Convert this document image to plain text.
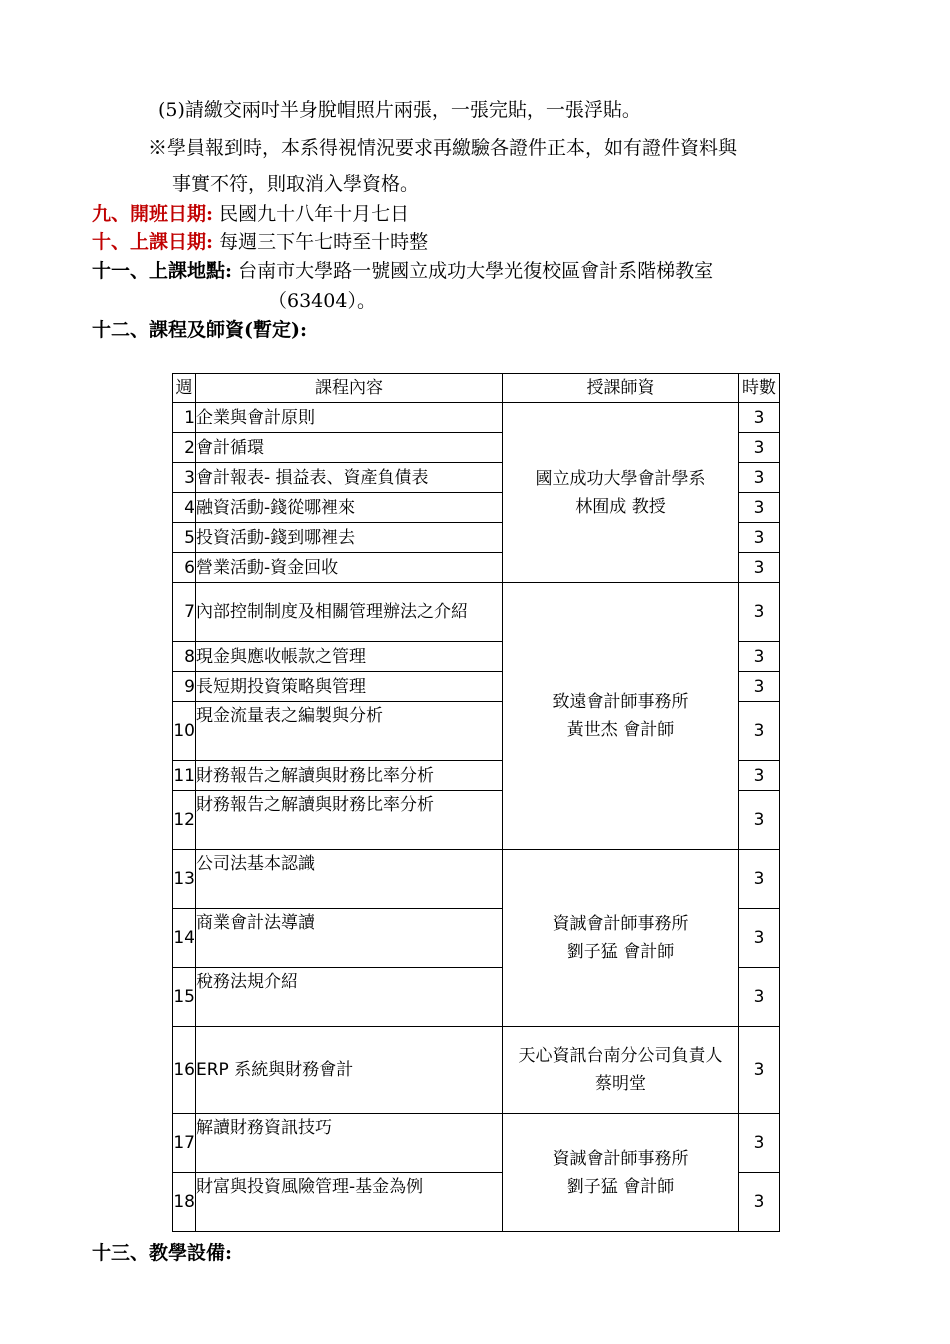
(5)請繳交兩吋半身脫帽照片兩張，一張完貼，一張浮貼。
※學員報到時，本系得視情況要求再繳驗各證件正本，如有證件資料與
事實不符，則取消入學資格。
九、開班日期: 民國九十八年十月七日
十、上課日期: 每週三下午七時至十時整
十一、上課地點: 台南市大學路一號國立成功大學光復校區會計系階梯教室
（63404）。
十二、課程及師資(暫定):
週	課程內容	授課師資	時數
1	企業與會計原則	國立成功大學會計學系
林囿成 教授	3
2	會計循環		3
3	會計報表- 損益表、資產負債表		3
4	融資活動-錢從哪裡來		3
5	投資活動-錢到哪裡去		3
6	營業活動-資金回收		3
7	內部控制制度及相關管理辦法之介紹	致遠會計師事務所
黃世杰 會計師	3
8	現金與應收帳款之管理		3
9	長短期投資策略與管理		3
10	現金流量表之編製與分析		3
11	財務報告之解讀與財務比率分析		3
12	財務報告之解讀與財務比率分析		3
13	公司法基本認識	資誠會計師事務所
劉子猛 會計師	3
14	商業會計法導讀		3
15	稅務法規介紹		3
16	ERP 系統與財務會計	天心資訊台南分公司負責人
蔡明堂	3
17	解讀財務資訊技巧	資誠會計師事務所
劉子猛 會計師	3
18	財富與投資風險管理-基金為例		3
十三、教學設備:
